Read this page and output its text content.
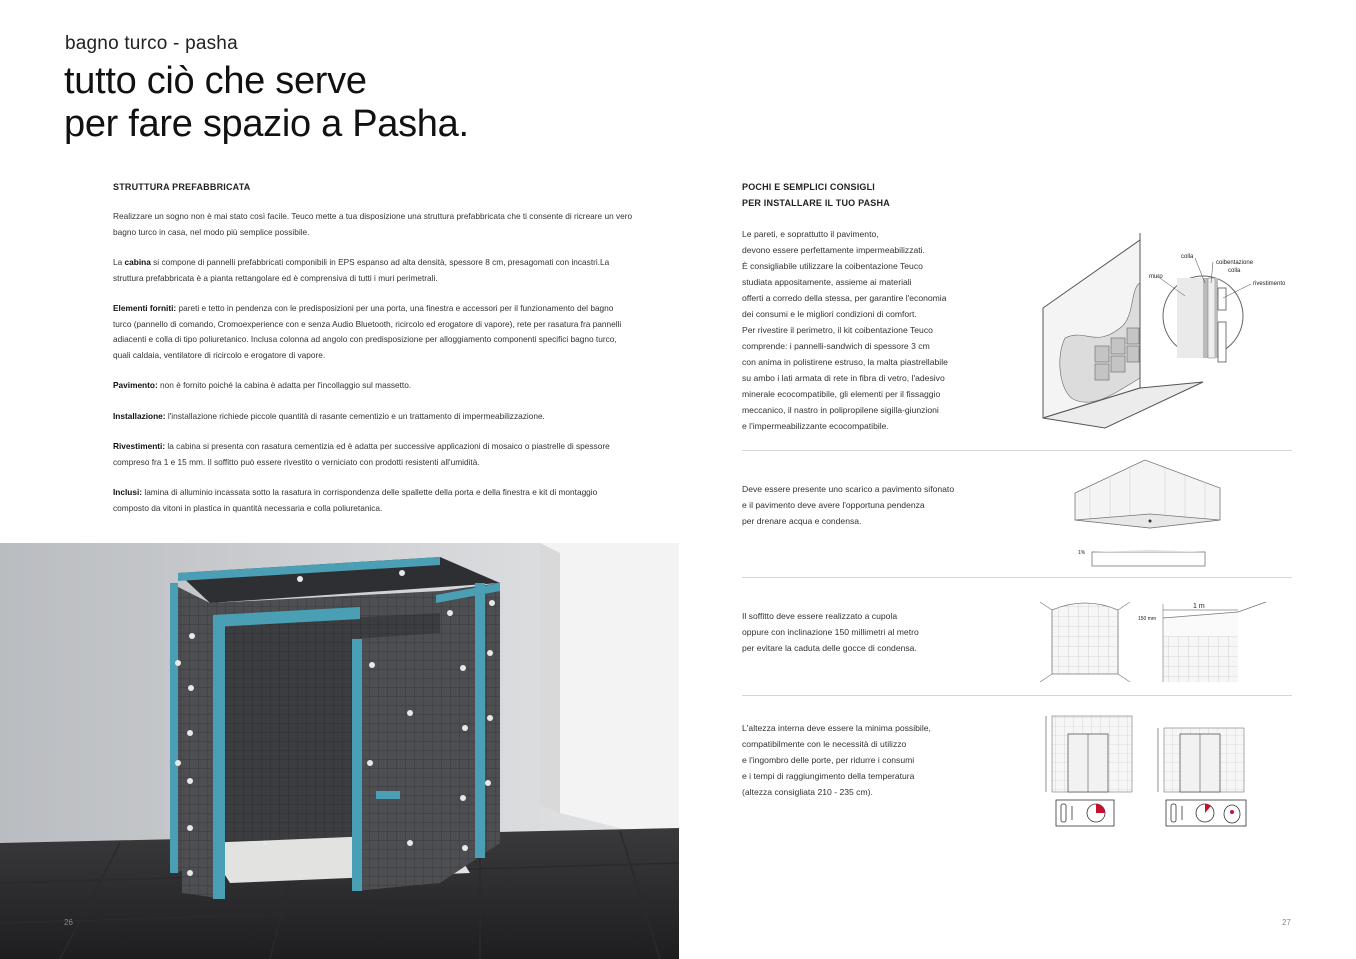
bagno turco - pasha
tutto ciò che serve
per fare spazio a Pasha.
STRUTTURA PREFABBRICATA

Realizzare un sogno non è mai stato così facile. Teuco mette a tua disposizione una struttura prefabbricata che ti consente di ricreare un vero bagno turco in casa, nel modo più semplice possibile.

La cabina si compone di pannelli prefabbricati componibili in EPS espanso ad alta densità, spessore 8 cm, presagomati con incastri.La struttura prefabbricata è a pianta rettangolare ed è comprensiva di tutti i muri perimetrali.

Elementi forniti: pareti e tetto in pendenza con le predisposizioni per una porta, una finestra e accessori per il funzionamento del bagno turco (pannello di comando, Cromoexperience con e senza Audio Bluetooth, ricircolo ed erogatore di vapore), rete per rasatura fra pannelli adiacenti e colla di tipo poliuretanico. Inclusa colonna ad angolo con predisposizione per alloggiamento componenti specifici bagno turco, quali caldaia, ventilatore di ricircolo e erogatore di vapore.

Pavimento: non è fornito poiché la cabina è adatta per l'incollaggio sul massetto.

Installazione: l'installazione richiede piccole quantità di rasante cementizio e un trattamento di impermeabilizzazione.

Rivestimenti: la cabina si presenta con rasatura cementizia ed è adatta per successive applicazioni di mosaico o piastrelle di spessore compreso fra 1 e 15 mm. Il soffitto può essere rivestito o verniciato con prodotti resistenti all'umidità.

Inclusi: lamina di alluminio incassata sotto la rasatura in corrispondenza delle spallette della porta e della finestra e kit di montaggio composto da vitoni in plastica in quantità necessaria e colla poliuretanica.

POCHI E SEMPLICI CONSIGLI
PER INSTALLARE IL TUO PASHA
Le pareti, e soprattutto il pavimento,
devono essere perfettamente impermeabilizzati.
È consigliabile utilizzare la coibentazione Teuco
studiata appositamente, assieme ai materiali
offerti a corredo della stessa, per garantire l'economia
dei consumi e le migliori condizioni di comfort.
Per rivestire il perimetro, il kit coibentazione Teuco
comprende: i pannelli-sandwich di spessore 3 cm
con anima in polistirene estruso, la malta piastrellabile
su ambo i lati armata di rete in fibra di vetro, l'adesivo
minerale ecocompatibile, gli elementi per il fissaggio
meccanico, il nastro in polipropilene sigilla-giunzioni
e l'impermeabilizzante ecocompatibile.
colla
coibentazione
colla
muro
rivestimento
Deve essere presente uno scarico a pavimento sifonato
e il pavimento deve avere l'opportuna pendenza
per drenare acqua e condensa.
1%
Il soffitto deve essere realizzato a cupola
oppure con inclinazione 150 millimetri al metro
per evitare la caduta delle gocce di condensa.
1 m
150 mm
L'altezza interna deve essere la minima possibile,
compatibilmente con le necessità di utilizzo
e l'ingombro delle porte, per ridurre i consumi
e i tempi di raggiungimento della temperatura
(altezza consigliata 210 - 235 cm).
26	27
